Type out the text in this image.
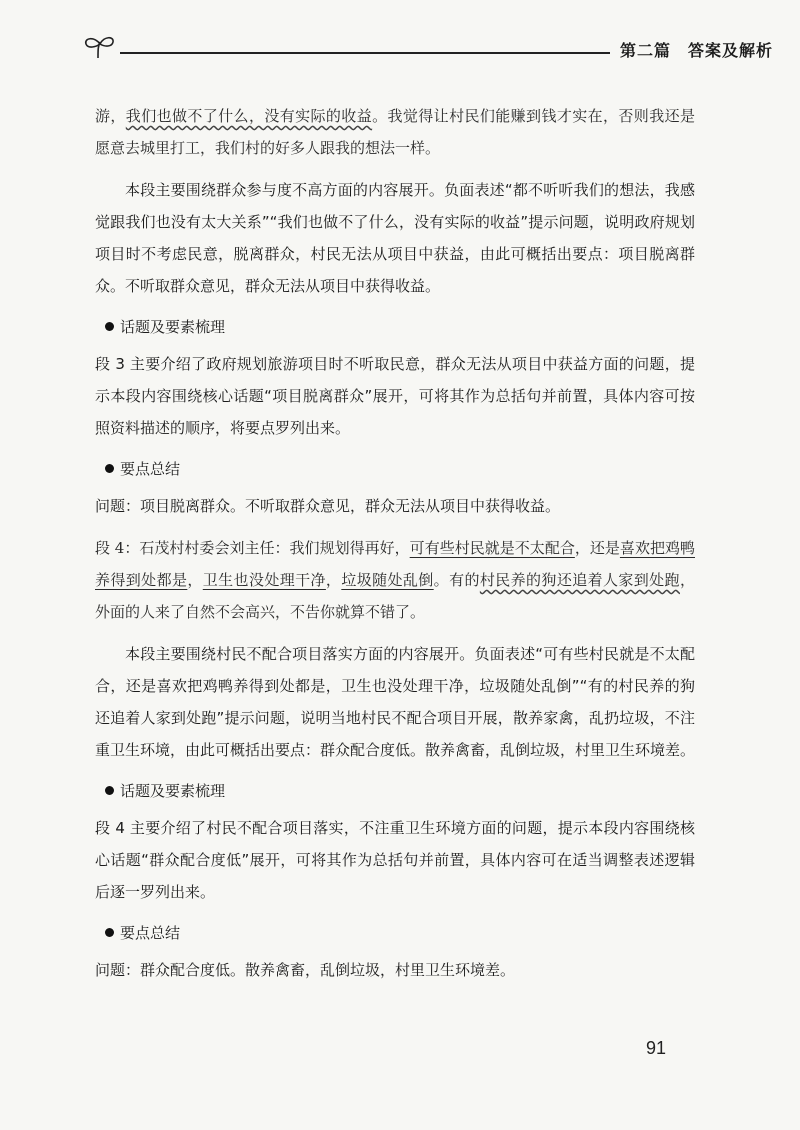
第二篇　答案及解析

游，我们也做不了什么，没有实际的收益。我觉得让村民们能赚到钱才实在，否则我还是愿意去城里打工，我们村的好多人跟我的想法一样。

本段主要围绕群众参与度不高方面的内容展开。负面表述“都不听听我们的想法，我感觉跟我们也没有太大关系”“我们也做不了什么，没有实际的收益”提示问题，说明政府规划项目时不考虑民意，脱离群众，村民无法从项目中获益，由此可概括出要点：项目脱离群众。不听取群众意见，群众无法从项目中获得收益。

话题及要素梳理

段 3 主要介绍了政府规划旅游项目时不听取民意，群众无法从项目中获益方面的问题，提示本段内容围绕核心话题“项目脱离群众”展开，可将其作为总括句并前置，具体内容可按照资料描述的顺序，将要点罗列出来。

要点总结

问题：项目脱离群众。不听取群众意见，群众无法从项目中获得收益。

段 4：石茂村村委会刘主任：我们规划得再好，可有些村民就是不太配合，还是喜欢把鸡鸭养得到处都是，卫生也没处理干净，垃圾随处乱倒。有的村民养的狗还追着人家到处跑，外面的人来了自然不会高兴，不告你就算不错了。

本段主要围绕村民不配合项目落实方面的内容展开。负面表述“可有些村民就是不太配合，还是喜欢把鸡鸭养得到处都是，卫生也没处理干净，垃圾随处乱倒”“有的村民养的狗还追着人家到处跑”提示问题，说明当地村民不配合项目开展，散养家禽，乱扔垃圾，不注重卫生环境，由此可概括出要点：群众配合度低。散养禽畜，乱倒垃圾，村里卫生环境差。

话题及要素梳理

段 4 主要介绍了村民不配合项目落实，不注重卫生环境方面的问题，提示本段内容围绕核心话题“群众配合度低”展开，可将其作为总括句并前置，具体内容可在适当调整表述逻辑后逐一罗列出来。

要点总结

问题：群众配合度低。散养禽畜，乱倒垃圾，村里卫生环境差。

91
